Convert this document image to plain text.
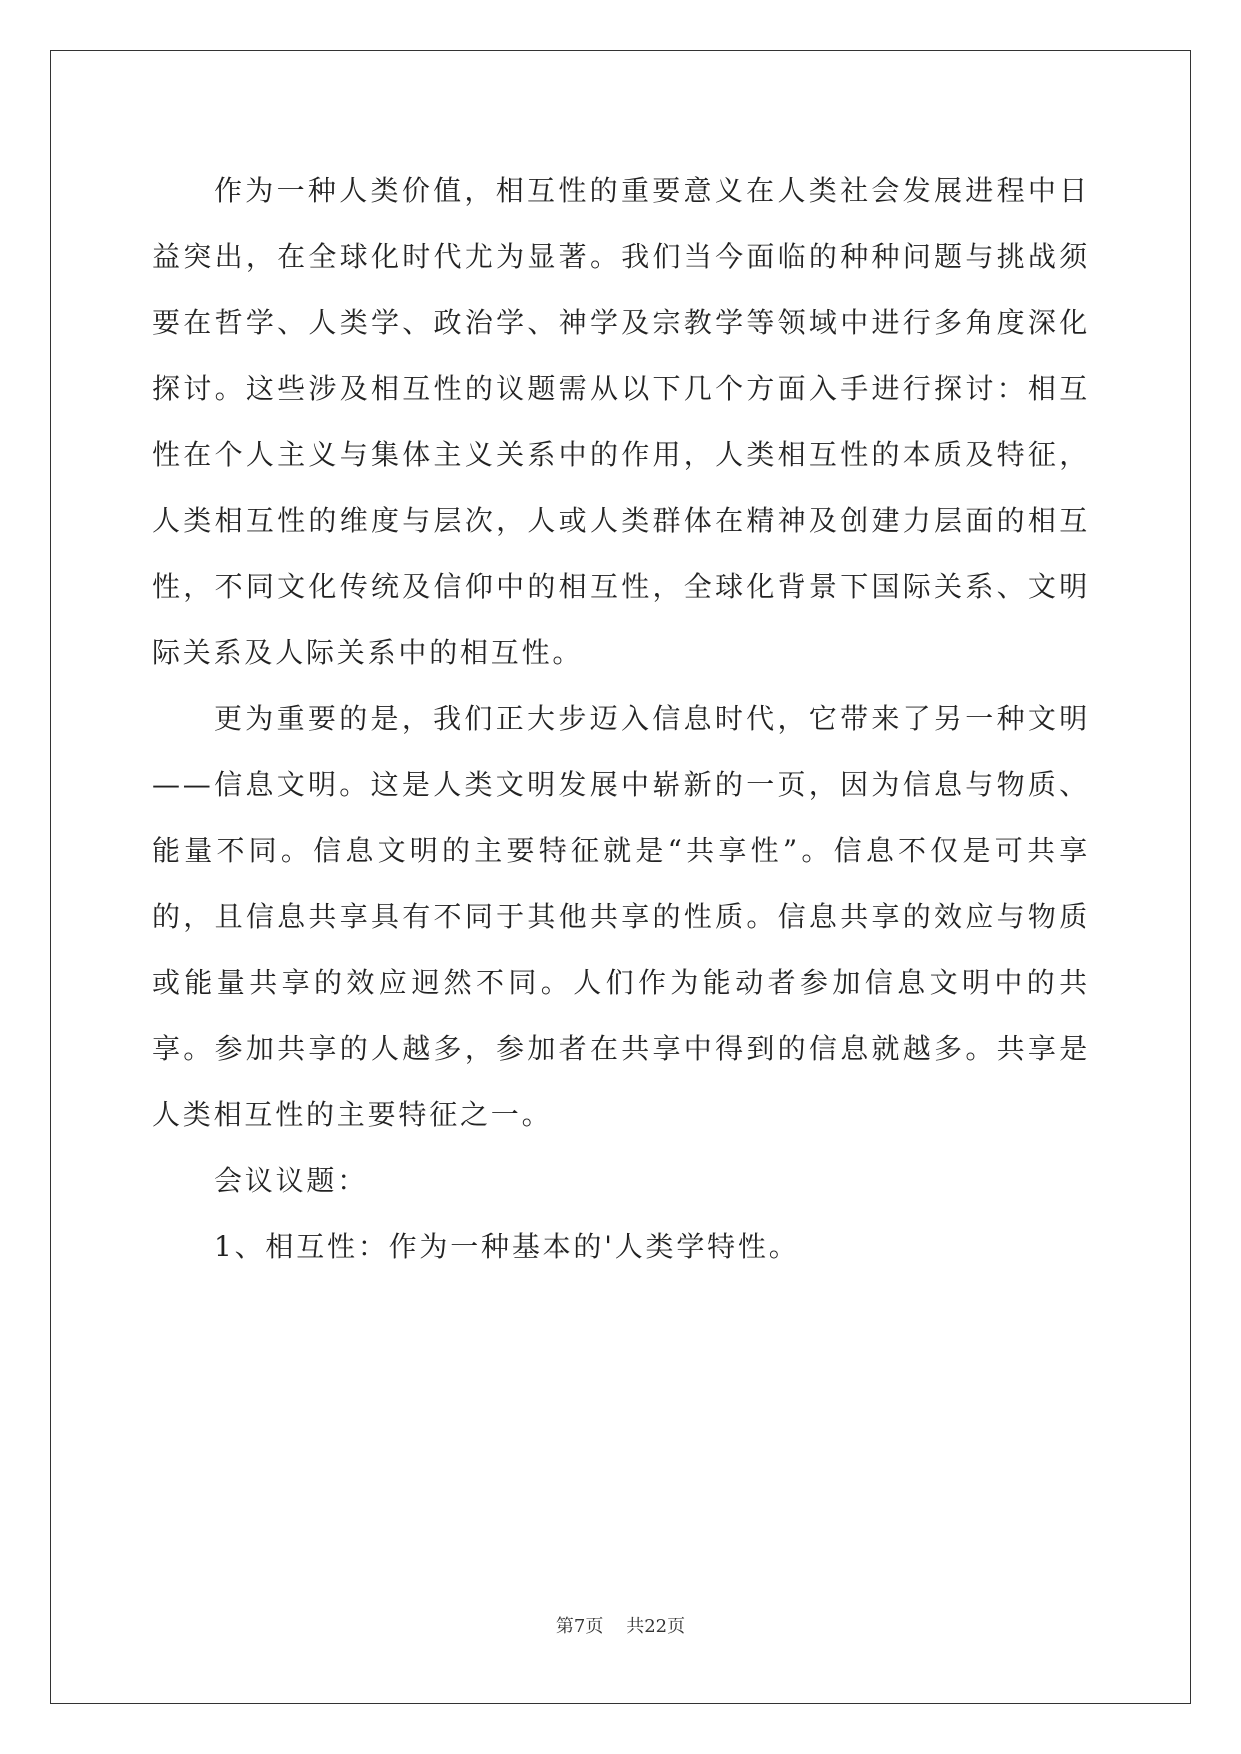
作为一种人类价值，相互性的重要意义在人类社会发展进程中日益突出，在全球化时代尤为显著。我们当今面临的种种问题与挑战须要在哲学、人类学、政治学、神学及宗教学等领域中进行多角度深化探讨。这些涉及相互性的议题需从以下几个方面入手进行探讨：相互性在个人主义与集体主义关系中的作用，人类相互性的本质及特征，人类相互性的维度与层次，人或人类群体在精神及创建力层面的相互性，不同文化传统及信仰中的相互性，全球化背景下国际关系、文明际关系及人际关系中的相互性。

更为重要的是，我们正大步迈入信息时代，它带来了另一种文明——信息文明。这是人类文明发展中崭新的一页，因为信息与物质、能量不同。信息文明的主要特征就是“共享性”。信息不仅是可共享的，且信息共享具有不同于其他共享的性质。信息共享的效应与物质或能量共享的效应迥然不同。人们作为能动者参加信息文明中的共享。参加共享的人越多，参加者在共享中得到的信息就越多。共享是人类相互性的主要特征之一。

会议议题：

1、相互性：作为一种基本的'人类学特性。

第7页    共22页
